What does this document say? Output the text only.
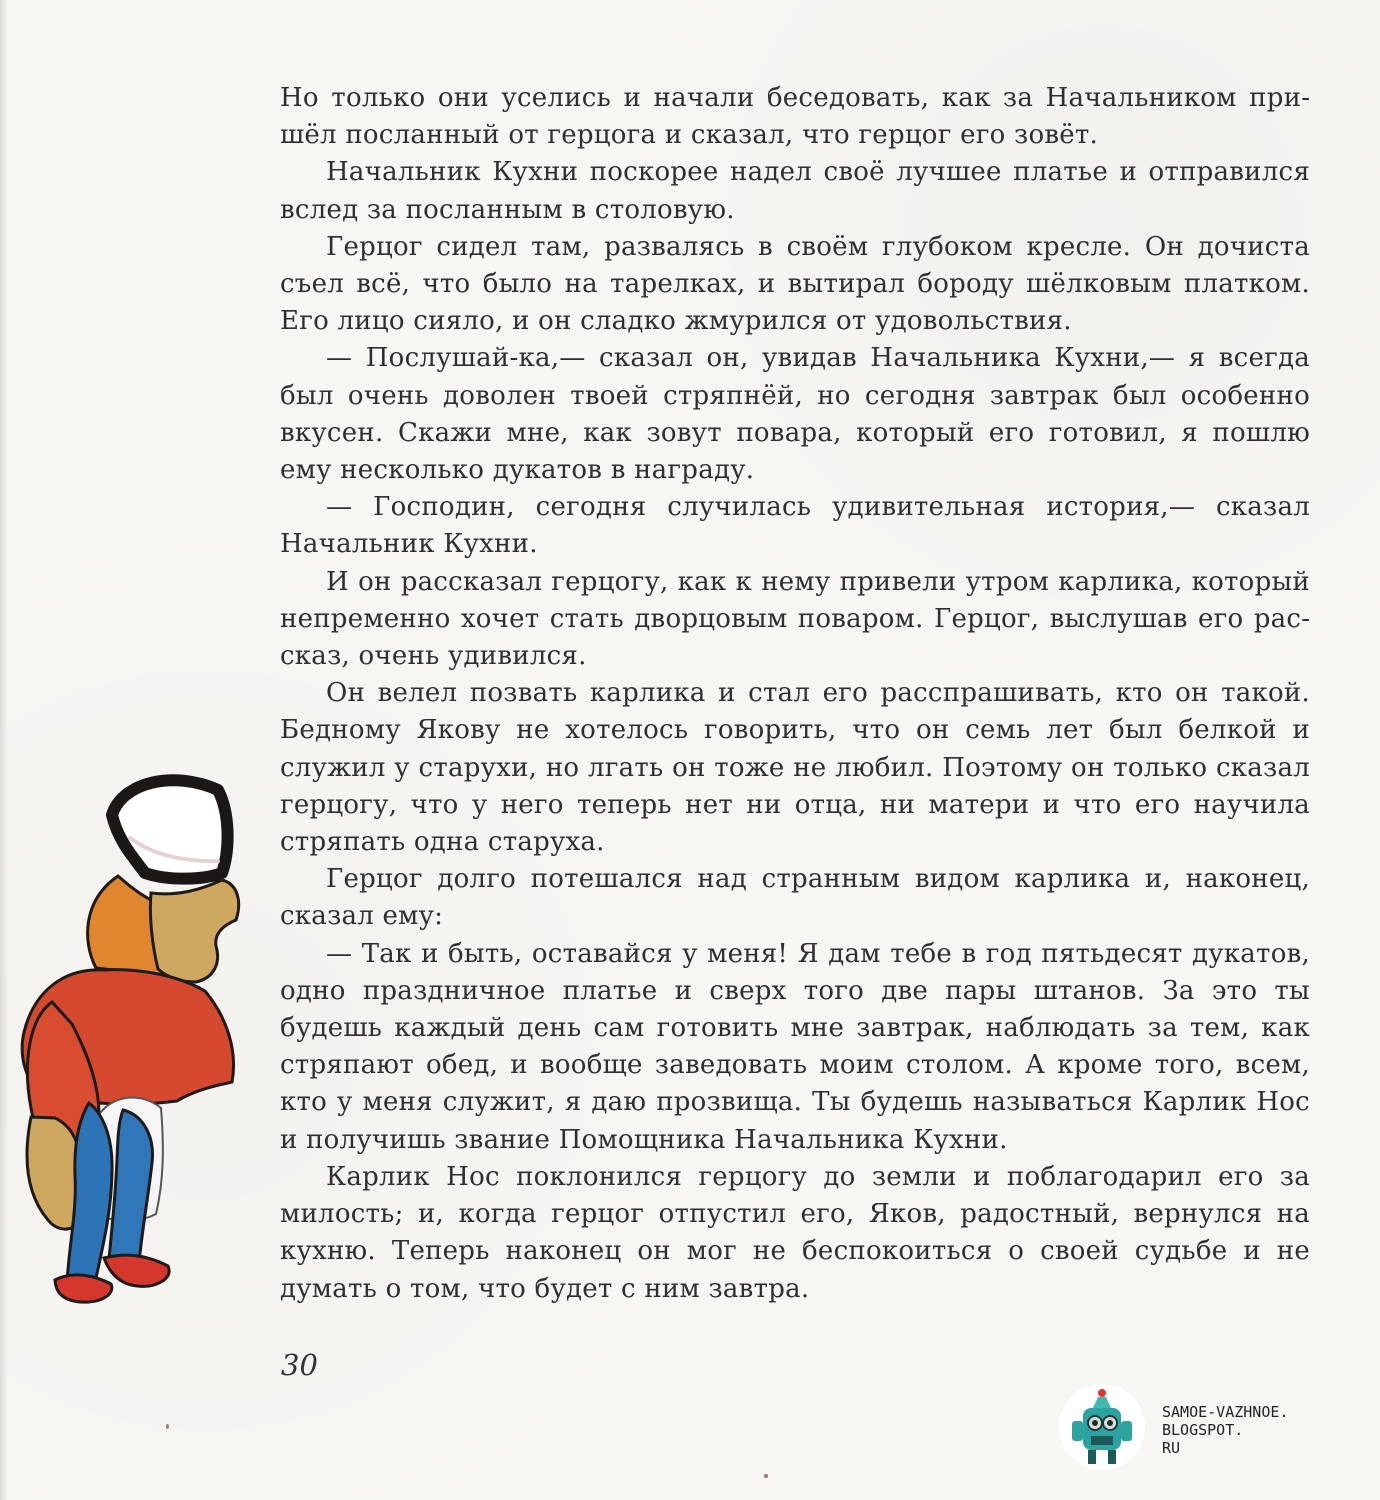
Но только они уселись и начали беседовать, как за Начальником пришёл посланный от герцога и сказал, что герцог его зовёт.

Начальник Кухни поскорее надел своё лучшее платье и отправился вслед за посланным в столовую.

Герцог сидел там, развалясь в своём глубоком кресле. Он дочиста съел всё, что было на тарелках, и вытирал бороду шёлковым платком. Его лицо сияло, и он сладко жмурился от удовольствия.

— Послушай-ка,— сказал он, увидав Начальника Кухни,— я всегда был очень доволен твоей стряпнёй, но сегодня завтрак был особенно вкусен. Скажи мне, как зовут повара, который его готовил, я пошлю ему несколько дукатов в награду.

— Господин, сегодня случилась удивительная история,— сказал Начальник Кухни.

И он рассказал герцогу, как к нему привели утром карлика, который непременно хочет стать дворцовым поваром. Герцог, выслушав его рассказ, очень удивился.

Он велел позвать карлика и стал его расспрашивать, кто он такой. Бедному Якову не хотелось говорить, что он семь лет был белкой и служил у старухи, но лгать он тоже не любил. Поэтому он только сказал герцогу, что у него теперь нет ни отца, ни матери и что его научила стряпать одна старуха.

Герцог долго потешался над странным видом карлика и, наконец, сказал ему:

— Так и быть, оставайся у меня! Я дам тебе в год пятьдесят дукатов, одно праздничное платье и сверх того две пары штанов. За это ты будешь каждый день сам готовить мне завтрак, наблюдать за тем, как стряпают обед, и вообще заведовать моим столом. А кроме того, всем, кто у меня служит, я даю прозвища. Ты будешь называться Карлик Нос и получишь звание Помощника Начальника Кухни.

Карлик Нос поклонился герцогу до земли и поблагодарил его за милость; и, когда герцог отпустил его, Яков, радостный, вернулся на кухню. Теперь наконец он мог не беспокоиться о своей судьбе и не думать о том, что будет с ним завтра.

30
SAMOE-VAZHNOE.
BLOGSPOT.
RU
